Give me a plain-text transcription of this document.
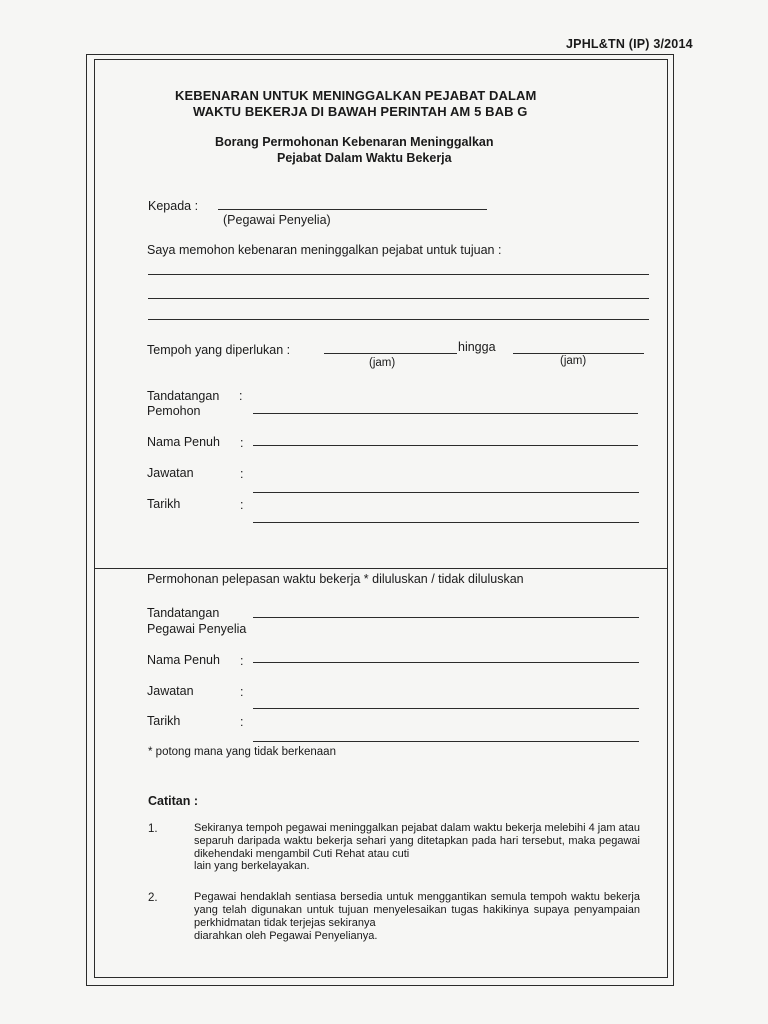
JPHL&TN (IP) 3/2014
KEBENARAN UNTUK MENINGGALKAN PEJABAT DALAM
WAKTU BEKERJA DI BAWAH PERINTAH AM 5 BAB G
Borang Permohonan Kebenaran Meninggalkan
Pejabat Dalam Waktu Bekerja
Kepada :
(Pegawai Penyelia)
Saya memohon kebenaran meninggalkan pejabat untuk tujuan :
Tempoh yang diperlukan :	hingga
(jam)	(jam)
Tandatangan :
Pemohon
Nama Penuh :
Jawatan	:
Tarikh	:
Permohonan pelepasan waktu bekerja * diluluskan / tidak diluluskan
Tandatangan
Pegawai Penyelia
Nama Penuh :
Jawatan	:
Tarikh	:
* potong mana yang tidak berkenaan
Catitan :
1.	Sekiranya tempoh pegawai meninggalkan pejabat dalam waktu bekerja melebihi 4 jam atau separuh daripada waktu bekerja sehari yang ditetapkan pada hari tersebut, maka pegawai dikehendaki mengambil Cuti Rehat atau cuti
lain yang berkelayakan.
2.	Pegawai hendaklah sentiasa bersedia untuk menggantikan semula tempoh waktu bekerja yang telah digunakan untuk tujuan menyelesaikan tugas hakikinya supaya penyampaian perkhidmatan tidak terjejas sekiranya
diarahkan oleh Pegawai Penyelianya.
